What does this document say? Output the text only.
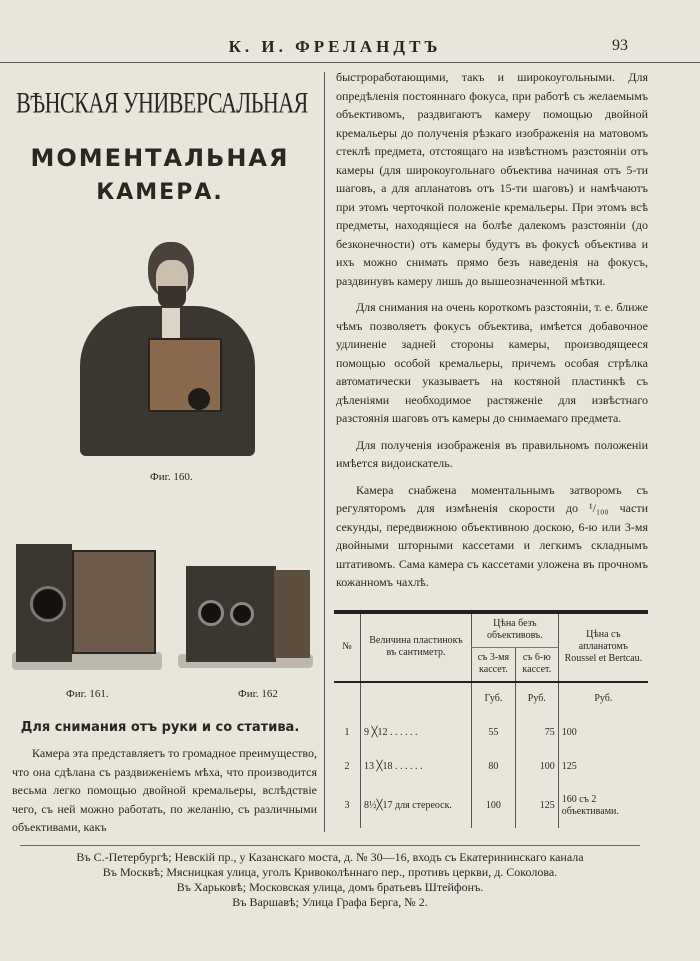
К. И. ФРЕЛАНДТЪ	93
ВѢНСКАЯ УНИВЕРСАЛЬНАЯ
МОМЕНТАЛЬНАЯ
КАМЕРА.
Фиг. 160.
Фиг. 161.	Фиг. 162
Для снимания отъ руки и со статива.

Камера эта представляетъ то громадное преимущество, что она сдѣлана съ раздвиженіемъ мѣха, что производится весьма легко помощью двойной кремальеры, вслѣдствіе чего, съ ней можно работать, по желанію, съ различными объективами, какъ

быстроработающими, такъ и широкоугольными. Для опредѣленія постояннаго фокуса, при работѣ съ желаемымъ объективомъ, раздвигаютъ камеру помощью двойной кремальеры до полученія рѣзкаго изображенія на матовомъ стеклѣ предмета, отстоящаго на извѣстномъ разстояніи отъ камеры (для широкоугольнаго объектива начиная отъ 5-ти шаговъ, а для апланатовъ отъ 15-ти шаговъ) и намѣчаютъ при этомъ черточкой положеніе кремальеры. При этомъ всѣ предметы, находящіеся на болѣе далекомъ разстояніи (до безконечности) отъ камеры будутъ въ фокусѣ объектива и ихъ можно снимать прямо безъ наведенія на фокусъ, раздвинувъ камеру лишь до вышеозначенной мѣтки.

Для снимания на очень короткомъ разстояніи, т. е. ближе чѣмъ позволяетъ фокусъ объектива, имѣется добавочное удлиненіе задней стороны камеры, производящееся помощью особой кремальеры, причемъ особая стрѣлка автоматически указываетъ на костяной пластинкѣ съ дѣленіями необходимое растяженіе для извѣстнаго разстоянія шаговъ отъ камеры до снимаемаго предмета.

Для полученія изображенія въ правильномъ положеніи имѣется видоискатель.

Камера снабжена моментальнымъ затворомъ съ регуляторомъ для измѣненія скорости до ¹/₁₀₀ части секунды, передвижною объективною доскою, 6-ю или 3-мя двойными шторными кассетами и легкимъ складнымъ штативомъ. Сама камера съ кассетами уложена въ прочномъ кожанномъ чахлѣ.

№	Величина пластинокъ въ сантиметр.	Цѣна безъ объективовъ.		Цѣна съ апланатомъ Roussel et Bertcau.
		съ 3-мя кассет.	съ 6-ю кассет.	
		Губ.	Руб.	Руб.
1	9 ╳12 . . . . . .	55	75	100
2	13 ╳18 . . . . . .	80	100	125
3	8½╳17 для стереоск.	100	125	160 съ 2 объективами.
Въ С.-Петербургѣ; Невскій пр., у Казанскаго моста, д. № 30—16, входъ съ Екатерининскаго канала
Въ Москвѣ; Мясницкая улица, уголъ Кривоколѣннаго пер., противъ церкви, д. Соколова.
Въ Харьковѣ; Московская улица, домъ братьевъ Штейфонъ.
Въ Варшавѣ; Улица Графа Берга, № 2.
